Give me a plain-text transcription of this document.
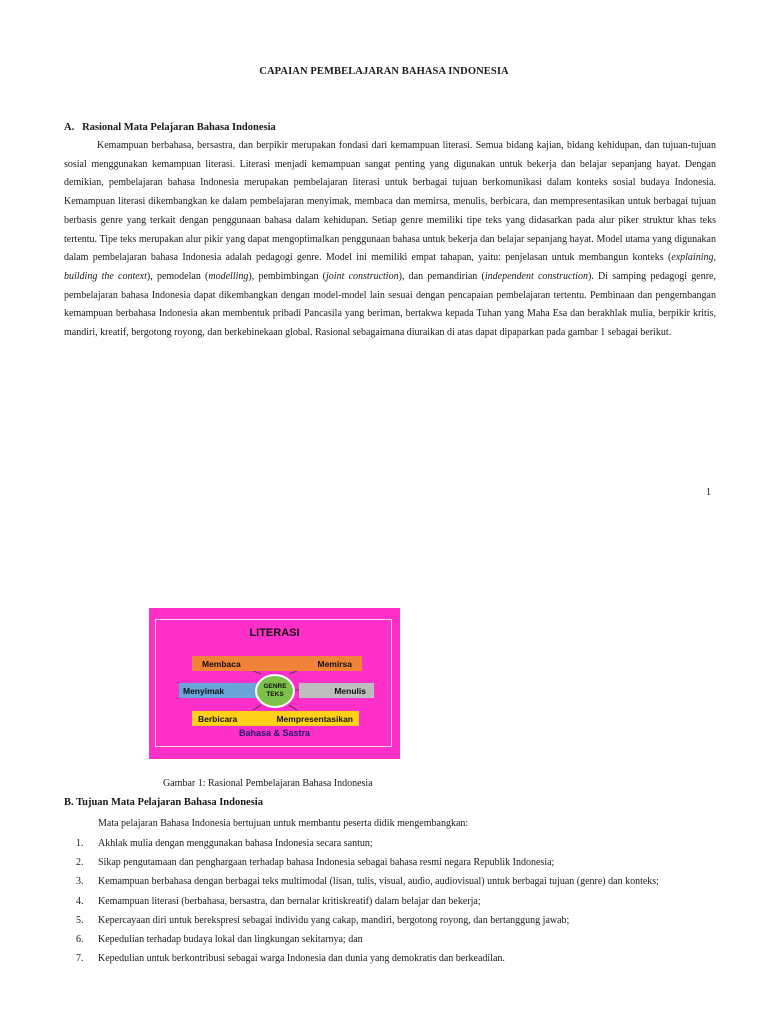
CAPAIAN PEMBELAJARAN BAHASA INDONESIA
A.   Rasional Mata Pelajaran Bahasa Indonesia
Kemampuan berbahasa, bersastra, dan berpikir merupakan fondasi dari kemampuan literasi. Semua bidang kajian, bidang kehidupan, dan tujuan-tujuan sosial menggunakan kemampuan literasi. Literasi menjadi kemampuan sangat penting yang digunakan untuk bekerja dan belajar sepanjang hayat. Dengan demikian, pembelajaran bahasa Indonesia merupakan pembelajaran literasi untuk berbagai tujuan berkomunikasi dalam konteks sosial budaya Indonesia. Kemampuan literasi dikembangkan ke dalam pembelajaran menyimak, membaca dan memirsa, menulis, berbicara, dan mempresentasikan untuk berbagai tujuan berbasis genre yang terkait dengan penggunaan bahasa dalam kehidupan. Setiap genre memiliki tipe teks yang didasarkan pada alur piker struktur khas teks tertentu. Tipe teks merupakan alur pikir yang dapat mengoptimalkan penggunaan bahasa untuk bekerja dan belajar sepanjang hayat. Model utama yang digunakan dalam pembelajaran bahasa Indonesia adalah pedagogi genre. Model ini memiliki empat tahapan, yaitu: penjelasan untuk membangun konteks (explaining, building the context), pemodelan (modelling), pembimbingan (joint construction), dan pemandirian (independent construction). Di samping pedagogi genre, pembelajaran bahasa Indonesia dapat dikembangkan dengan model-model lain sesuai dengan pencapaian pembelajaran tertentu. Pembinaan dan pengembangan kemampuan berbahasa Indonesia akan membentuk pribadi Pancasila yang beriman, bertakwa kepada Tuhan yang Maha Esa dan berakhlak mulia, berpikir kritis, mandiri, kreatif, bergotong royong, dan berkebinekaan global. Rasional sebagaimana diuraikan di atas dapat dipaparkan pada gambar 1 sebagai berikut.
1
LITERASI
Membaca	Memirsa
Menyimak	Menulis
GENRE
TEKS
Berbicara	Mempresentasikan
Bahasa & Sastra
Gambar 1: Rasional Pembelajaran Bahasa Indonesia
B. Tujuan Mata Pelajaran Bahasa Indonesia
Mata pelajaran Bahasa Indonesia bertujuan untuk membantu peserta didik mengembangkan:
1.	Akhlak mulia dengan menggunakan bahasa Indonesia secara santun;
2.	Sikap pengutamaan dan penghargaan terhadap bahasa Indonesia sebagai bahasa resmi negara Republik Indonesia;
3.	Kemampuan berbahasa dengan berbagai teks multimodal (lisan, tulis, visual, audio, audiovisual) untuk berbagai tujuan (genre) dan konteks;
4.	Kemampuan literasi (berbahasa, bersastra, dan bernalar kritiskreatif) dalam belajar dan bekerja;
5.	Kepercayaan diri untuk berekspresi sebagai individu yang cakap, mandiri, bergotong royong, dan bertanggung jawab;
6.	Kepedulian terhadap budaya lokal dan lingkungan sekitarnya; dan
7.	Kepedulian untuk berkontribusi sebagai warga Indonesia dan dunia yang demokratis dan berkeadilan.
